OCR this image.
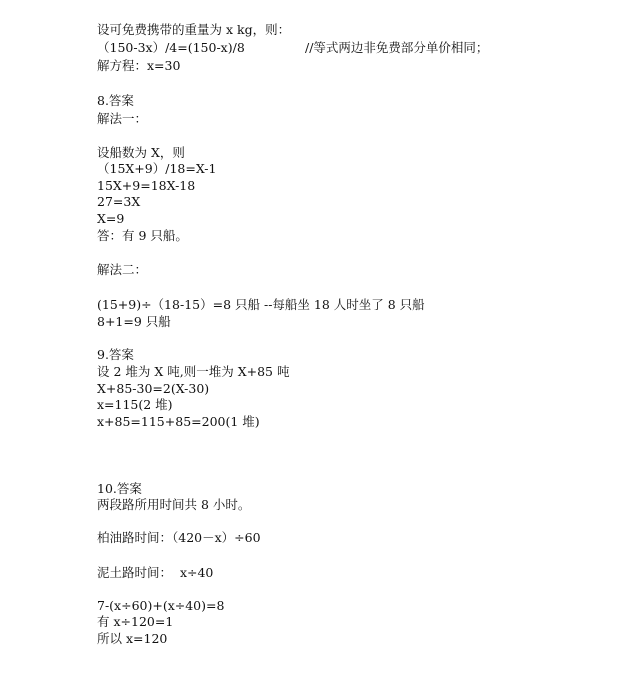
设可免费携带的重量为 x kg，则：
（150-3x）/4=(150-x)/8	//等式两边非免费部分单价相同；
解方程：x=30
8.答案
解法一：
设船数为 X，则
（15X+9）/18=X-1
15X+9=18X-18
27=3X
X=9
答：有 9 只船。
解法二：
(15+9)÷（18-15）=8 只船 --每船坐 18 人时坐了 8 只船
8+1=9 只船
9.答案
设 2 堆为 X 吨,则一堆为 X+85 吨
X+85-30=2(X-30)
x=115(2 堆)
x+85=115+85=200(1 堆)
10.答案
两段路所用时间共 8 小时。
柏油路时间：（420－x）÷60
泥土路时间：  x÷40
7-(x÷60)+(x÷40)=8
有 x÷120=1
所以 x=120
